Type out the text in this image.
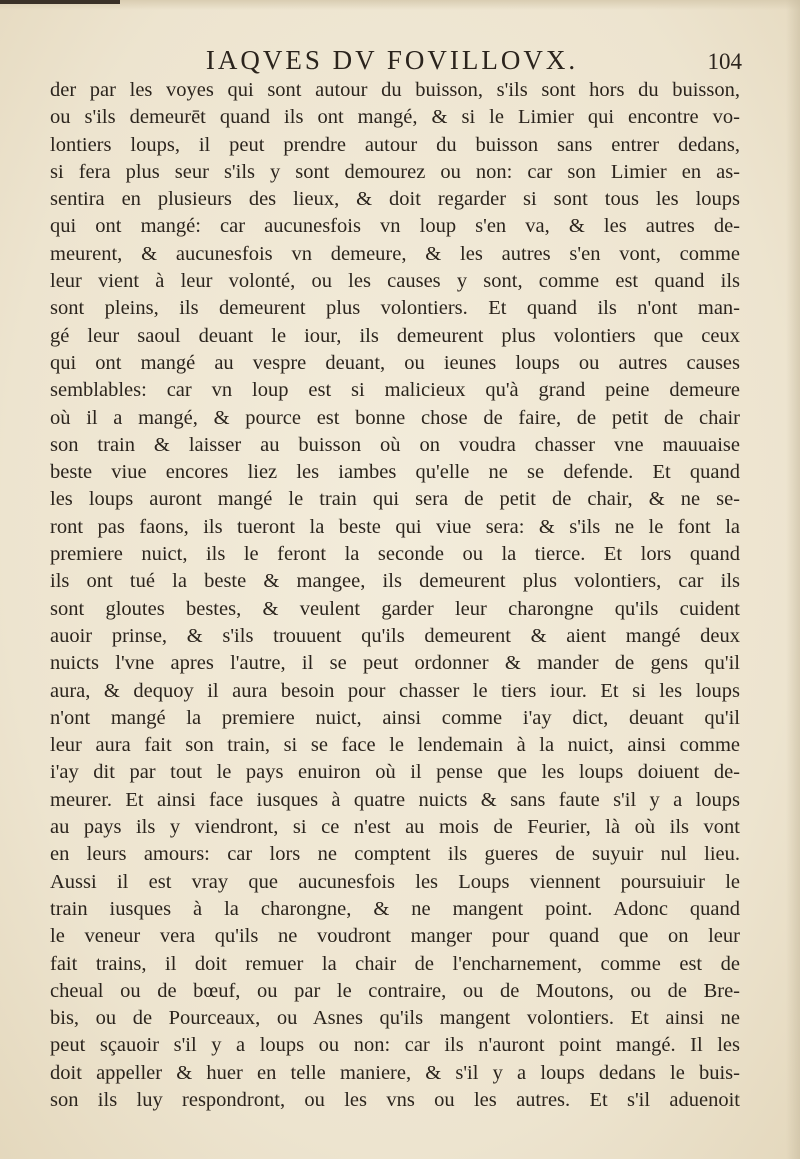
IAQVES DV FOVILLOVX.	104
der par les voyes qui sont autour du buisson, s'ils sont hors du buisson,
ou s'ils demeurēt quand ils ont mangé, & si le Limier qui encontre vo-
lontiers loups, il peut prendre autour du buisson sans entrer dedans,
si fera plus seur s'ils y sont demourez ou non: car son Limier en as-
sentira en plusieurs des lieux, & doit regarder si sont tous les loups
qui ont mangé: car aucunesfois vn loup s'en va, & les autres de-
meurent, & aucunesfois vn demeure, & les autres s'en vont, comme
leur vient à leur volonté, ou les causes y sont, comme est quand ils
sont pleins, ils demeurent plus volontiers. Et quand ils n'ont man-
gé leur saoul deuant le iour, ils demeurent plus volontiers que ceux
qui ont mangé au vespre deuant, ou ieunes loups ou autres causes
semblables: car vn loup est si malicieux qu'à grand peine demeure
où il a mangé, & pource est bonne chose de faire, de petit de chair
son train & laisser au buisson où on voudra chasser vne mauuaise
beste viue encores liez les iambes qu'elle ne se defende. Et quand
les loups auront mangé le train qui sera de petit de chair, & ne se-
ront pas faons, ils tueront la beste qui viue sera: & s'ils ne le font la
premiere nuict, ils le feront la seconde ou la tierce. Et lors quand
ils ont tué la beste & mangee, ils demeurent plus volontiers, car ils
sont gloutes bestes, & veulent garder leur charongne qu'ils cuident
auoir prinse, & s'ils trouuent qu'ils demeurent & aient mangé deux
nuicts l'vne apres l'autre, il se peut ordonner & mander de gens qu'il
aura, & dequoy il aura besoin pour chasser le tiers iour. Et si les loups
n'ont mangé la premiere nuict, ainsi comme i'ay dict, deuant qu'il
leur aura fait son train, si se face le lendemain à la nuict, ainsi comme
i'ay dit par tout le pays enuiron où il pense que les loups doiuent de-
meurer. Et ainsi face iusques à quatre nuicts & sans faute s'il y a loups
au pays ils y viendront, si ce n'est au mois de Feurier, là où ils vont
en leurs amours: car lors ne comptent ils gueres de suyuir nul lieu.
Aussi il est vray que aucunesfois les Loups viennent poursuiuir le
train iusques à la charongne, & ne mangent point. Adonc quand
le veneur vera qu'ils ne voudront manger pour quand que on leur
fait trains, il doit remuer la chair de l'encharnement, comme est de
cheual ou de bœuf, ou par le contraire, ou de Moutons, ou de Bre-
bis, ou de Pourceaux, ou Asnes qu'ils mangent volontiers. Et ainsi ne
peut sçauoir s'il y a loups ou non: car ils n'auront point mangé. Il les
doit appeller & huer en telle maniere, & s'il y a loups dedans le buis-
son ils luy respondront, ou les vns ou les autres. Et s'il aduenoit
